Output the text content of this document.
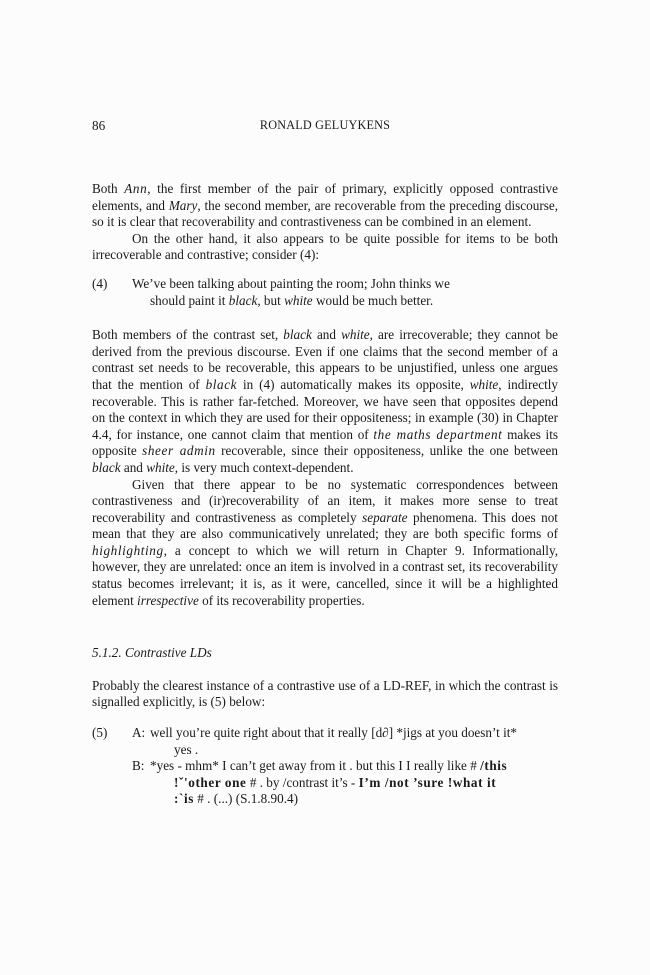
86	RONALD GELUYKENS

Both Ann, the first member of the pair of primary, explicitly opposed contrastive elements, and Mary, the second member, are recoverable from the preceding discourse, so it is clear that recoverability and contrastiveness can be combined in an element.

On the other hand, it also appears to be quite possible for items to be both irrecoverable and contrastive; consider (4):

(4)	We’ve been talking about painting the room; John thinks we
should paint it black, but white would be much better.

Both members of the contrast set, black and white, are irrecoverable; they cannot be derived from the previous discourse. Even if one claims that the second member of a contrast set needs to be recoverable, this appears to be unjustified, unless one argues that the mention of black in (4) automatically makes its opposite, white, indirectly recoverable. This is rather far-fetched. Moreover, we have seen that opposites depend on the context in which they are used for their oppositeness; in example (30) in Chapter 4.4, for instance, one cannot claim that mention of the maths department makes its opposite sheer admin recoverable, since their oppositeness, unlike the one between black and white, is very much context-dependent.

Given that there appear to be no systematic correspondences between contrastiveness and (ir)recoverability of an item, it makes more sense to treat recoverability and contrastiveness as completely separate phenomena. This does not mean that they are also communicatively unrelated; they are both specific forms of highlighting, a concept to which we will return in Chapter 9. Informationally, however, they are unrelated: once an item is involved in a contrast set, its recoverability status becomes irrelevant; it is, as it were, cancelled, since it will be a highlighted element irrespective of its recoverability properties.

5.1.2. Contrastive LDs

Probably the clearest instance of a contrastive use of a LD-REF, in which the contrast is signalled explicitly, is (5) below:

(5)	A: well you’re quite right about that it really [d∂] *jigs at you doesn’t it*
yes .
B: *yes - mhm* I can’t get away from it . but this I I really like # /this
!ˇ'other one # . by /contrast it’s - I’m /not ’sure !what it
:ˋis # . (...) (S.1.8.90.4)
